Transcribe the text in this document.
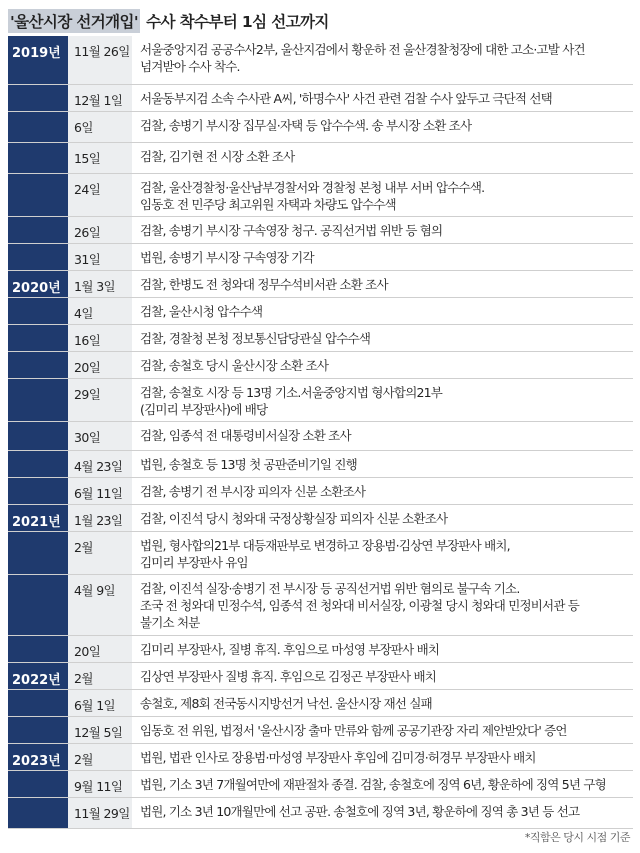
'울산시장 선거개입' 수사 착수부터 1심 선고까지
2019년	11월 26일 서울중앙지검 공공수사2부, 울산지검에서 황운하 전 울산경찰청장에 대한 고소·고발 사건
넘겨받아 수사 착수.
12월 1일	서울동부지검 소속 수사관 A씨, '하명수사' 사건 관련 검찰 수사 앞두고 극단적 선택
6일	검찰, 송병기 부시장 집무실·자택 등 압수수색. 송 부시장 소환 조사
15일	검찰, 김기현 전 시장 소환 조사
24일	검찰, 울산경찰청·울산남부경찰서와 경찰청 본청 내부 서버 압수수색.
임동호 전 민주당 최고위원 자택과 차량도 압수수색
26일	검찰, 송병기 부시장 구속영장 청구. 공직선거법 위반 등 혐의
31일	법원, 송병기 부시장 구속영장 기각
2020년	1월 3일	검찰, 한병도 전 청와대 정무수석비서관 소환 조사
4일	검찰, 울산시청 압수수색
16일	검찰, 경찰청 본청 정보통신담당관실 압수수색
20일	검찰, 송철호 당시 울산시장 소환 조사
29일	검찰, 송철호 시장 등 13명 기소.서울중앙지법 형사합의21부
(김미리 부장판사)에 배당
30일	검찰, 임종석 전 대통령비서실장 소환 조사
4월 23일	법원, 송철호 등 13명 첫 공판준비기일 진행
6월 11일	검찰, 송병기 전 부시장 피의자 신분 소환조사
2021년	1월 23일	검찰, 이진석 당시 청와대 국정상황실장 피의자 신분 소환조사
2월	법원, 형사합의21부 대등재판부로 변경하고 장용범·김상연 부장판사 배치,
김미리 부장판사 유임
4월 9일	검찰, 이진석 실장·송병기 전 부시장 등 공직선거법 위반 혐의로 불구속 기소.
조국 전 청와대 민정수석, 임종석 전 청와대 비서실장, 이광철 당시 청와대 민정비서관 등
불기소 처분
20일	김미리 부장판사, 질병 휴직. 후임으로 마성영 부장판사 배치
2022년	2월	김상연 부장판사 질병 휴직. 후임으로 김정곤 부장판사 배치
6월 1일	송철호, 제8회 전국동시지방선거 낙선. 울산시장 재선 실패
12월 5일	임동호 전 위원, 법정서 '울산시장 출마 만류와 함께 공공기관장 자리 제안받았다' 증언
2023년	2월	법원, 법관 인사로 장용범·마성영 부장판사 후임에 김미경·허경무 부장판사 배치
9월 11일	법원, 기소 3년 7개월여만에 재판절차 종결. 검찰, 송철호에 징역 6년, 황운하에 징역 5년 구형
11월 29일 법원, 기소 3년 10개월만에 선고 공판. 송철호에 징역 3년, 황운하에 징역 총 3년 등 선고
*직함은 당시 시점 기준
